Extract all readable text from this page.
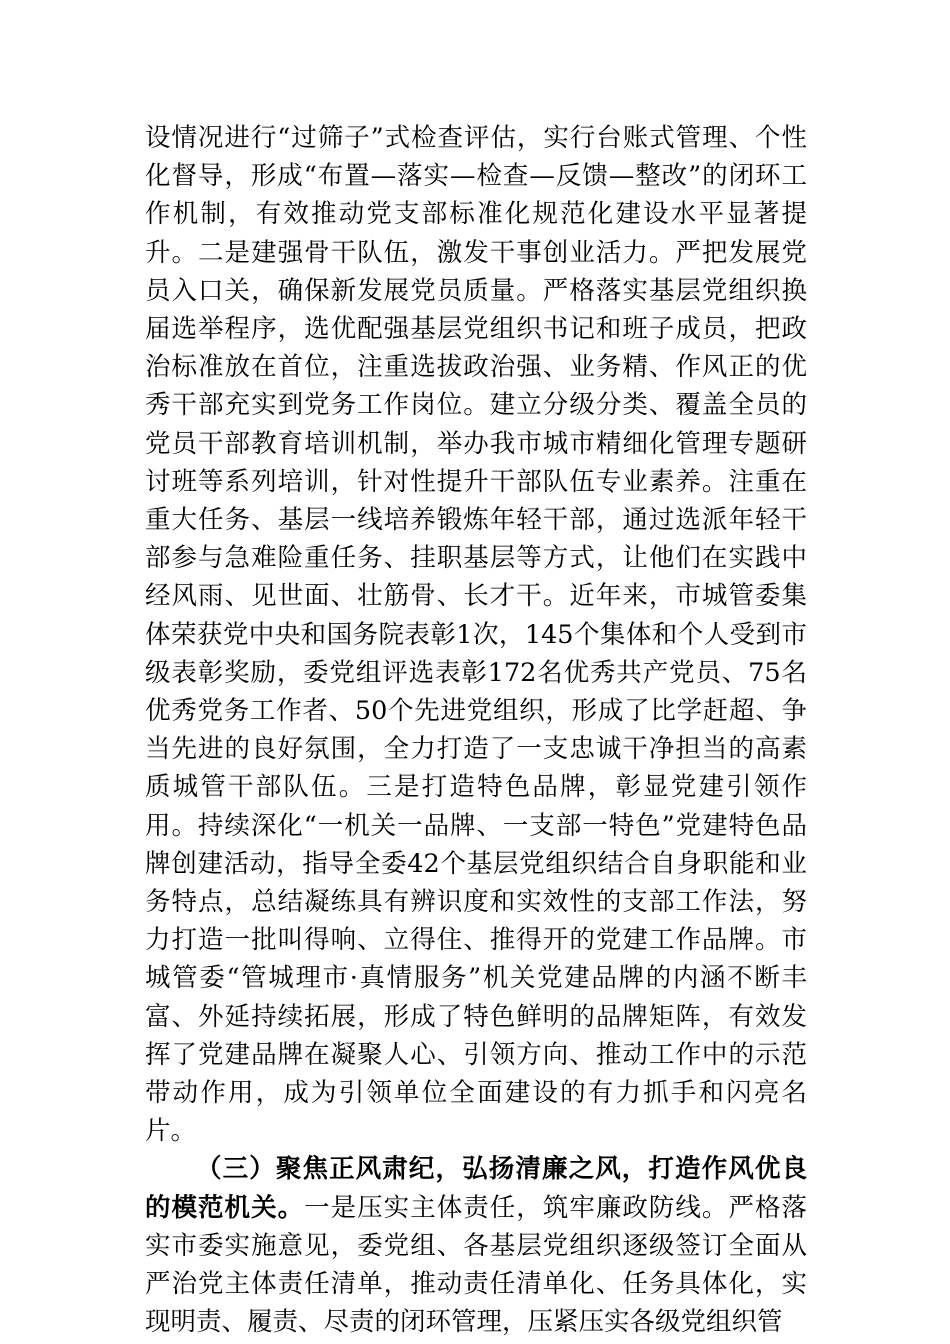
设情况进行“过筛子”式检查评估，实行台账式管理、个性化督导，形成“布置—落实—检查—反馈—整改”的闭环工作机制，有效推动党支部标准化规范化建设水平显著提升。二是建强骨干队伍，激发干事创业活力。严把发展党员入口关，确保新发展党员质量。严格落实基层党组织换届选举程序，选优配强基层党组织书记和班子成员，把政治标准放在首位，注重选拔政治强、业务精、作风正的优秀干部充实到党务工作岗位。建立分级分类、覆盖全员的党员干部教育培训机制，举办我市城市精细化管理专题研讨班等系列培训，针对性提升干部队伍专业素养。注重在重大任务、基层一线培养锻炼年轻干部，通过选派年轻干部参与急难险重任务、挂职基层等方式，让他们在实践中经风雨、见世面、壮筋骨、长才干。近年来，市城管委集体荣获党中央和国务院表彰1次，145个集体和个人受到市级表彰奖励，委党组评选表彰172名优秀共产党员、75名优秀党务工作者、50个先进党组织，形成了比学赶超、争当先进的良好氛围，全力打造了一支忠诚干净担当的高素质城管干部队伍。三是打造特色品牌，彰显党建引领作用。持续深化“一机关一品牌、一支部一特色”党建特色品牌创建活动，指导全委42个基层党组织结合自身职能和业务特点，总结凝练具有辨识度和实效性的支部工作法，努力打造一批叫得响、立得住、推得开的党建工作品牌。市城管委“管城理市·真情服务”机关党建品牌的内涵不断丰富、外延持续拓展，形成了特色鲜明的品牌矩阵，有效发挥了党建品牌在凝聚人心、引领方向、推动工作中的示范带动作用，成为引领单位全面建设的有力抓手和闪亮名片。

（三）聚焦正风肃纪，弘扬清廉之风，打造作风优良的模范机关。一是压实主体责任，筑牢廉政防线。严格落实市委实施意见，委党组、各基层党组织逐级签订全面从严治党主体责任清单，推动责任清单化、任务具体化，实现明责、履责、尽责的闭环管理，压紧压实各级党组织管
